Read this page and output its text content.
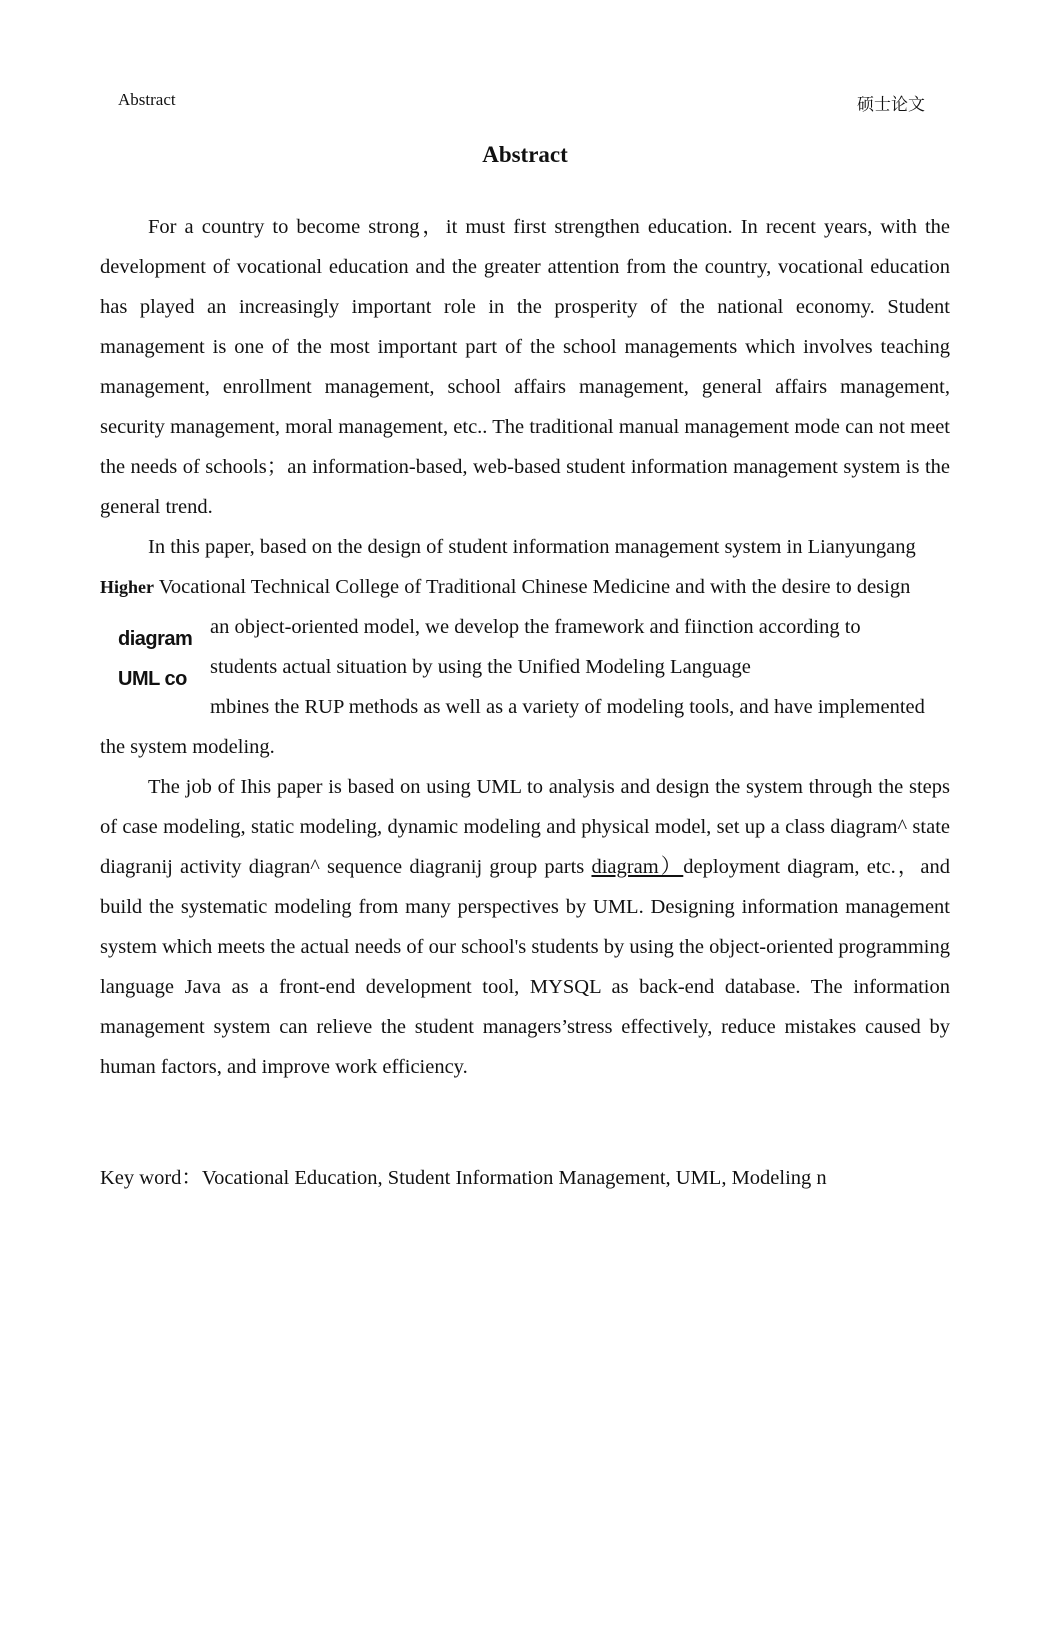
Abstract	硕士论文
Abstract

For a country to become strong，it must first strengthen education. In recent years, with the development of vocational education and the greater attention from the country, vocational education has played an increasingly important role in the prosperity of the national economy. Student management is one of the most important part of the school managements which involves teaching management, enrollment management, school affairs management, general affairs management, security management, moral management, etc.. The traditional manual management mode can not meet the needs of schools；an information-based, web-based student information management system is the general trend.

In this paper, based on the design of student information management system in Lianyungang

Higher Vocational Technical College of Traditional Chinese Medicine and with the desire to design

diagram
UML co

an object-oriented model, we develop the framework and fiinction according to

students actual situation by using the Unified Modeling Language

mbines the RUP methods as well as a variety of modeling tools, and have implemented

the system modeling.

The job of Ihis paper is based on using UML to analysis and design the system through the steps of case modeling, static modeling, dynamic modeling and physical model, set up a class diagram^ state diagranij activity diagran^ sequence diagranij group parts diagram）deployment diagram, etc.，and build the systematic modeling from many perspectives by UML. Designing information management system which meets the actual needs of our school's students by using the object-oriented programming language Java as a front-end development tool, MYSQL as back-end database. The information management system can relieve the student managers’stress effectively, reduce mistakes caused by human factors, and improve work efficiency.

Key word：Vocational Education, Student Information Management, UML, Modeling n
